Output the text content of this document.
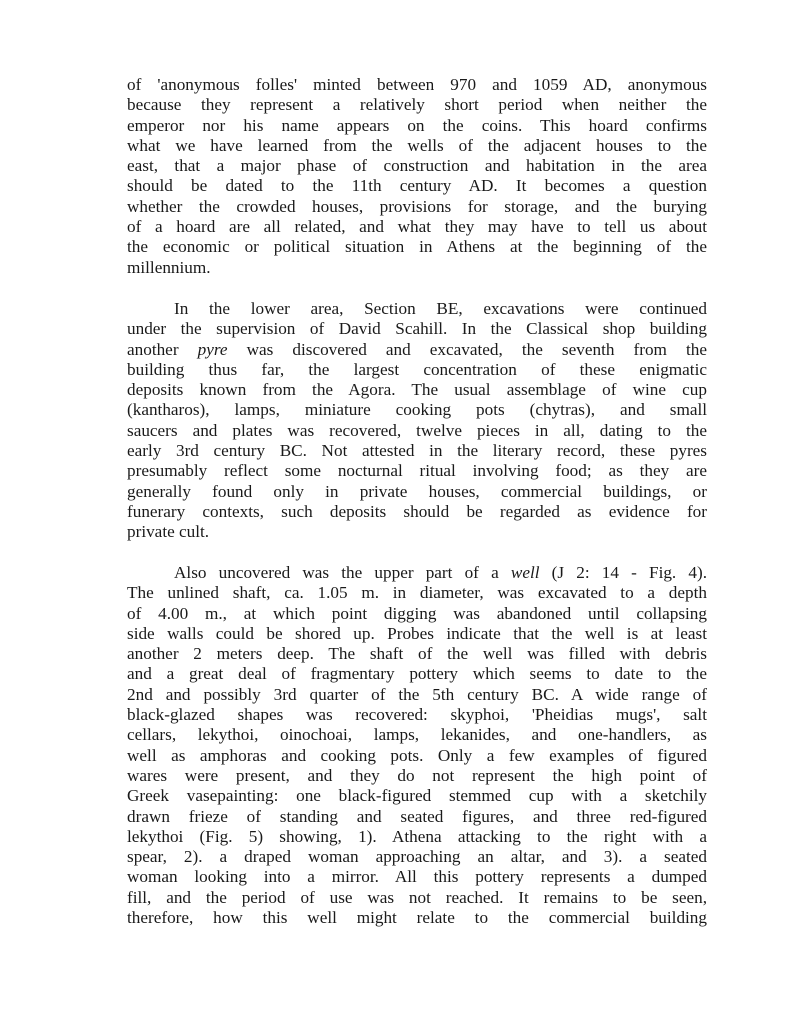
of 'anonymous folles' minted between 970 and 1059 AD, anonymous
because they represent a relatively short period when neither the
emperor nor his name appears on the coins. This hoard confirms
what we have learned from the wells of the adjacent houses to the
east, that a major phase of construction and habitation in the area
should be dated to the 11th century AD. It becomes a question
whether the crowded houses, provisions for storage, and the burying
of a hoard are all related, and what they may have to tell us about
the economic or political situation in Athens at the beginning of the
millennium.
In the lower area, Section BE, excavations were continued
under the supervision of David Scahill. In the Classical shop building
another pyre was discovered and excavated, the seventh from the
building thus far, the largest concentration of these enigmatic
deposits known from the Agora. The usual assemblage of wine cup
(kantharos), lamps, miniature cooking pots (chytras), and small
saucers and plates was recovered, twelve pieces in all, dating to the
early 3rd century BC. Not attested in the literary record, these pyres
presumably reflect some nocturnal ritual involving food; as they are
generally found only in private houses, commercial buildings, or
funerary contexts, such deposits should be regarded as evidence for
private cult.
Also uncovered was the upper part of a well (J 2: 14 - Fig. 4).
The unlined shaft, ca. 1.05 m. in diameter, was excavated to a depth
of 4.00 m., at which point digging was abandoned until collapsing
side walls could be shored up. Probes indicate that the well is at least
another 2 meters deep. The shaft of the well was filled with debris
and a great deal of fragmentary pottery which seems to date to the
2nd and possibly 3rd quarter of the 5th century BC. A wide range of
black-glazed shapes was recovered: skyphoi, 'Pheidias mugs', salt
cellars, lekythoi, oinochoai, lamps, lekanides, and one-handlers, as
well as amphoras and cooking pots. Only a few examples of figured
wares were present, and they do not represent the high point of
Greek vasepainting: one black-figured stemmed cup with a sketchily
drawn frieze of standing and seated figures, and three red-figured
lekythoi (Fig. 5) showing, 1). Athena attacking to the right with a
spear, 2). a draped woman approaching an altar, and 3). a seated
woman looking into a mirror. All this pottery represents a dumped
fill, and the period of use was not reached. It remains to be seen,
therefore, how this well might relate to the commercial building
